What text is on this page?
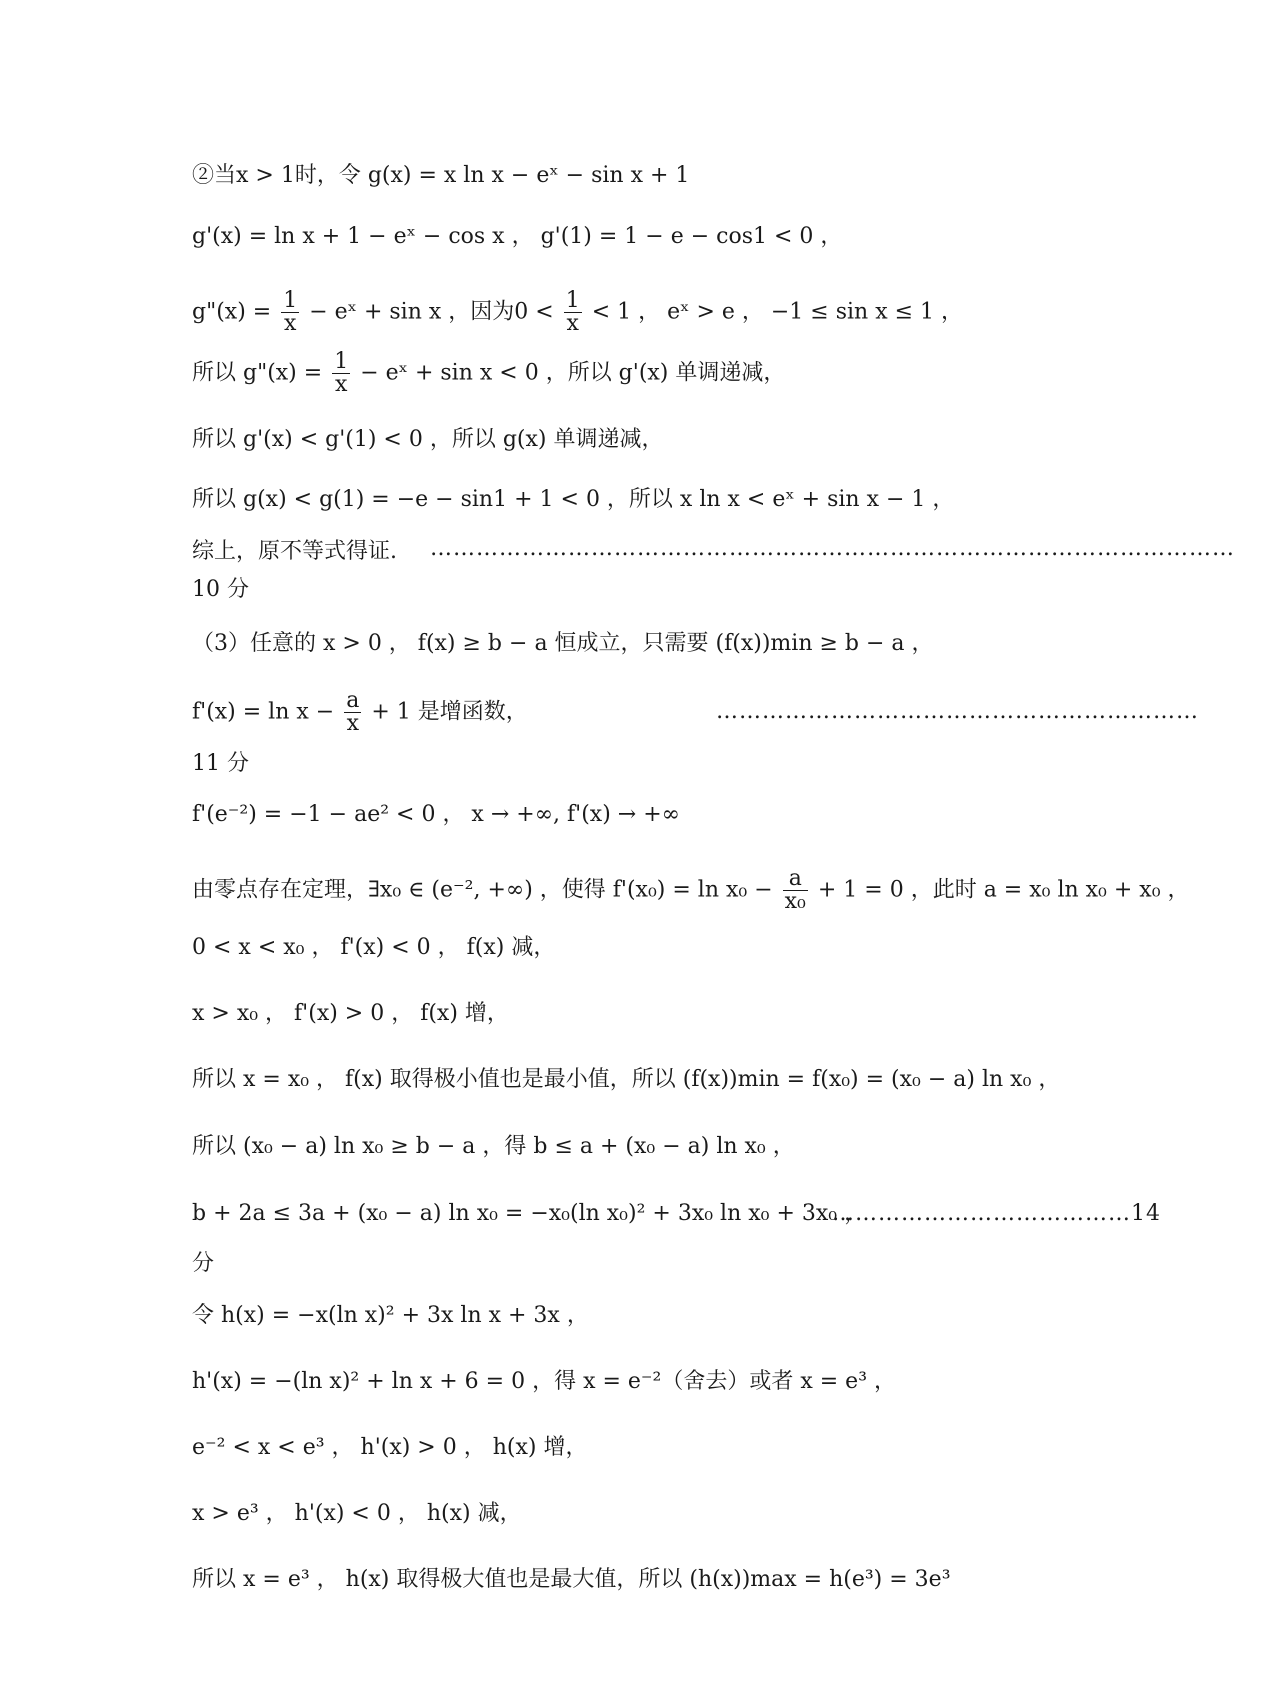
②当x > 1时，令 g(x) = x ln x − eˣ − sin x + 1
g'(x) = ln x + 1 − eˣ − cos x ， g'(1) = 1 − e − cos1 < 0 ，
g"(x) = $\frac{1}{x}$ − eˣ + sin x ，因为$0 < \frac{1}{x} < 1$ ， eˣ > e ， −1 ≤ sin x ≤ 1 ，
所以 g"(x) = $\frac{1}{x}$ − eˣ + sin x < 0 ，所以 g'(x) 单调递减，
所以 g'(x) < g'(1) < 0 ，所以 g(x) 单调递减，
所以 g(x) < g(1) = −e − sin1 + 1 < 0 ，所以 x ln x < eˣ + sin x − 1 ，
综上，原不等式得证. ……………………………………………………………………………………………
10 分
（3）任意的 x > 0 ， f(x) ≥ b − a 恒成立，只需要 (f(x))min ≥ b − a ，
$f'(x) = \ln x - \frac{a}{x} + 1$ 是增函数，	………………………………………………………
11 分
f'(e⁻²) = −1 − ae² < 0 ， x → +∞, f'(x) → +∞
由零点存在定理，∃x₀ ∈ (e⁻², +∞) ，使得 $f'(x_0) = \ln x_0 - \frac{a}{\text{x₀}} + 1 = 0$ ，此时 a = x₀ ln x₀ + x₀ ，
0 < x < x₀ ， f'(x) < 0 ， f(x) 减，
x > x₀ ， f'(x) > 0 ， f(x) 增，
所以 x = x₀ ， f(x) 取得极小值也是最小值，所以 (f(x))min = f(x₀) = (x₀ − a) ln x₀ ，
所以 (x₀ − a) ln x₀ ≥ b − a ，得 b ≤ a + (x₀ − a) ln x₀ ，
b + 2a ≤ 3a + (x₀ − a) ln x₀ = −x₀(ln x₀)² + 3x₀ ln x₀ + 3x₀ ，
…………………………………14
分
令 h(x) = −x(ln x)² + 3x ln x + 3x ，
h'(x) = −(ln x)² + ln x + 6 = 0 ，得 x = e⁻²（舍去）或者 x = e³ ，
e⁻² < x < e³ ， h'(x) > 0 ， h(x) 增，
x > e³ ， h'(x) < 0 ， h(x) 减，
所以 x = e³ ， h(x) 取得极大值也是最大值，所以 (h(x))max = h(e³) = 3e³
